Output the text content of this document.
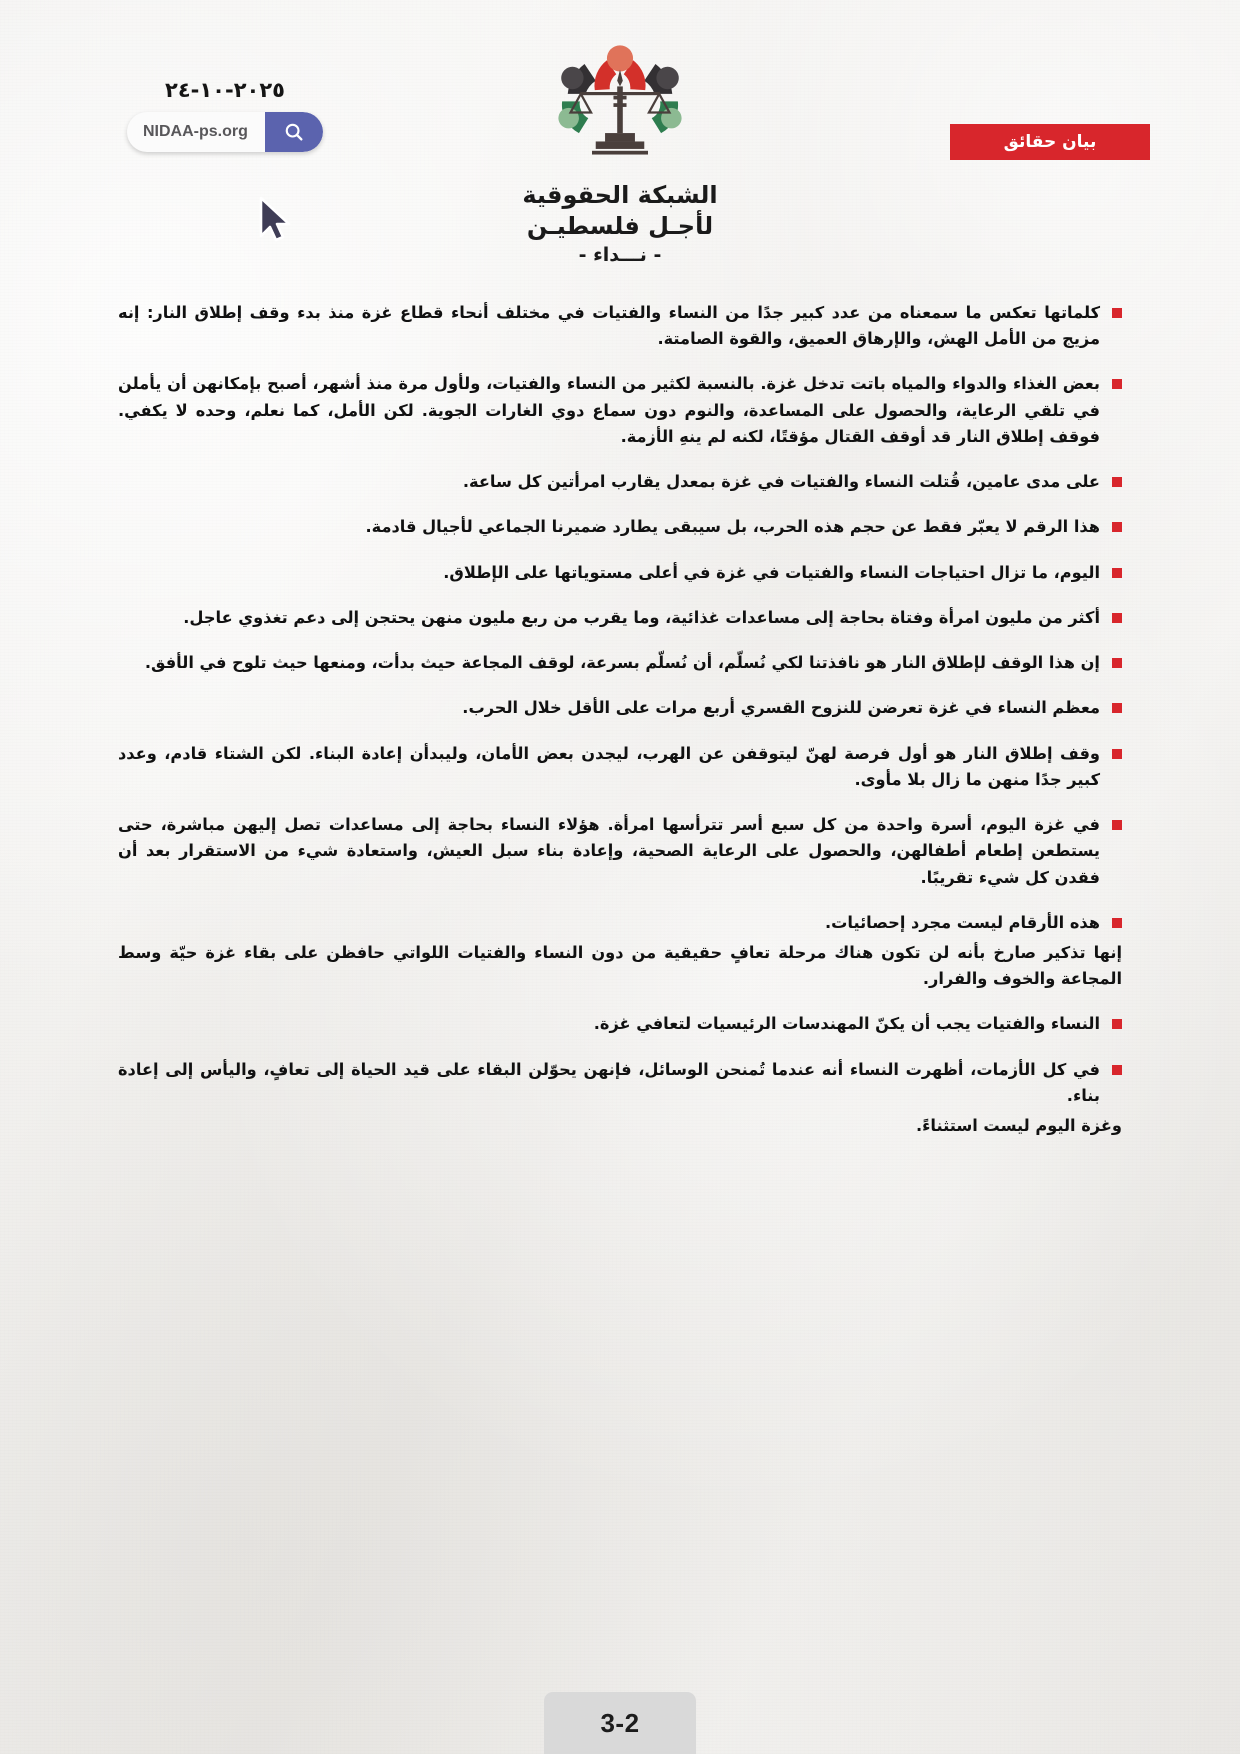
٢٠٢٥-١٠-٢٤
NIDAA-ps.org
الشبكة الحقوقية
لأجـل فلسطيـن
- نـــداء -
بيان حقائق
كلماتها تعكس ما سمعناه من عدد كبير جدًا من النساء والفتيات في مختلف أنحاء قطاع غزة منذ بدء وقف إطلاق النار: إنه مزيج من الأمل الهش، والإرهاق العميق، والقوة الصامتة.
بعض الغذاء والدواء والمياه باتت تدخل غزة. بالنسبة لكثير من النساء والفتيات، ولأول مرة منذ أشهر، أصبح بإمكانهن أن يأملن في تلقي الرعاية، والحصول على المساعدة، والنوم دون سماع دوي الغارات الجوية. لكن الأمل، كما نعلم، وحده لا يكفي. فوقف إطلاق النار قد أوقف القتال مؤقتًا، لكنه لم ينهِ الأزمة.
على مدى عامين، قُتلت النساء والفتيات في غزة بمعدل يقارب امرأتين كل ساعة.
هذا الرقم لا يعبّر فقط عن حجم هذه الحرب، بل سيبقى يطارد ضميرنا الجماعي لأجيال قادمة.
اليوم، ما تزال احتياجات النساء والفتيات في غزة في أعلى مستوياتها على الإطلاق.
أكثر من مليون امرأة وفتاة بحاجة إلى مساعدات غذائية، وما يقرب من ربع مليون منهن يحتجن إلى دعم تغذوي عاجل.
إن هذا الوقف لإطلاق النار هو نافذتنا لكي نُسلّم، أن نُسلّم بسرعة، لوقف المجاعة حيث بدأت، ومنعها حيث تلوح في الأفق.
معظم النساء في غزة تعرضن للنزوح القسري أربع مرات على الأقل خلال الحرب.
وقف إطلاق النار هو أول فرصة لهنّ ليتوقفن عن الهرب، ليجدن بعض الأمان، وليبدأن إعادة البناء. لكن الشتاء قادم، وعدد كبير جدًا منهن ما زال بلا مأوى.
في غزة اليوم، أسرة واحدة من كل سبع أسر تترأسها امرأة. هؤلاء النساء بحاجة إلى مساعدات تصل إليهن مباشرة، حتى يستطعن إطعام أطفالهن، والحصول على الرعاية الصحية، وإعادة بناء سبل العيش، واستعادة شيء من الاستقرار بعد أن فقدن كل شيء تقريبًا.
هذه الأرقام ليست مجرد إحصائيات.
إنها تذكير صارخ بأنه لن تكون هناك مرحلة تعافٍ حقيقية من دون النساء والفتيات اللواتي حافظن على بقاء غزة حيّة وسط المجاعة والخوف والفرار.
النساء والفتيات يجب أن يكنّ المهندسات الرئيسيات لتعافي غزة.
في كل الأزمات، أظهرت النساء أنه عندما تُمنحن الوسائل، فإنهن يحوّلن البقاء على قيد الحياة إلى تعافٍ، واليأس إلى إعادة بناء.
وغزة اليوم ليست استثناءً.
3-2
